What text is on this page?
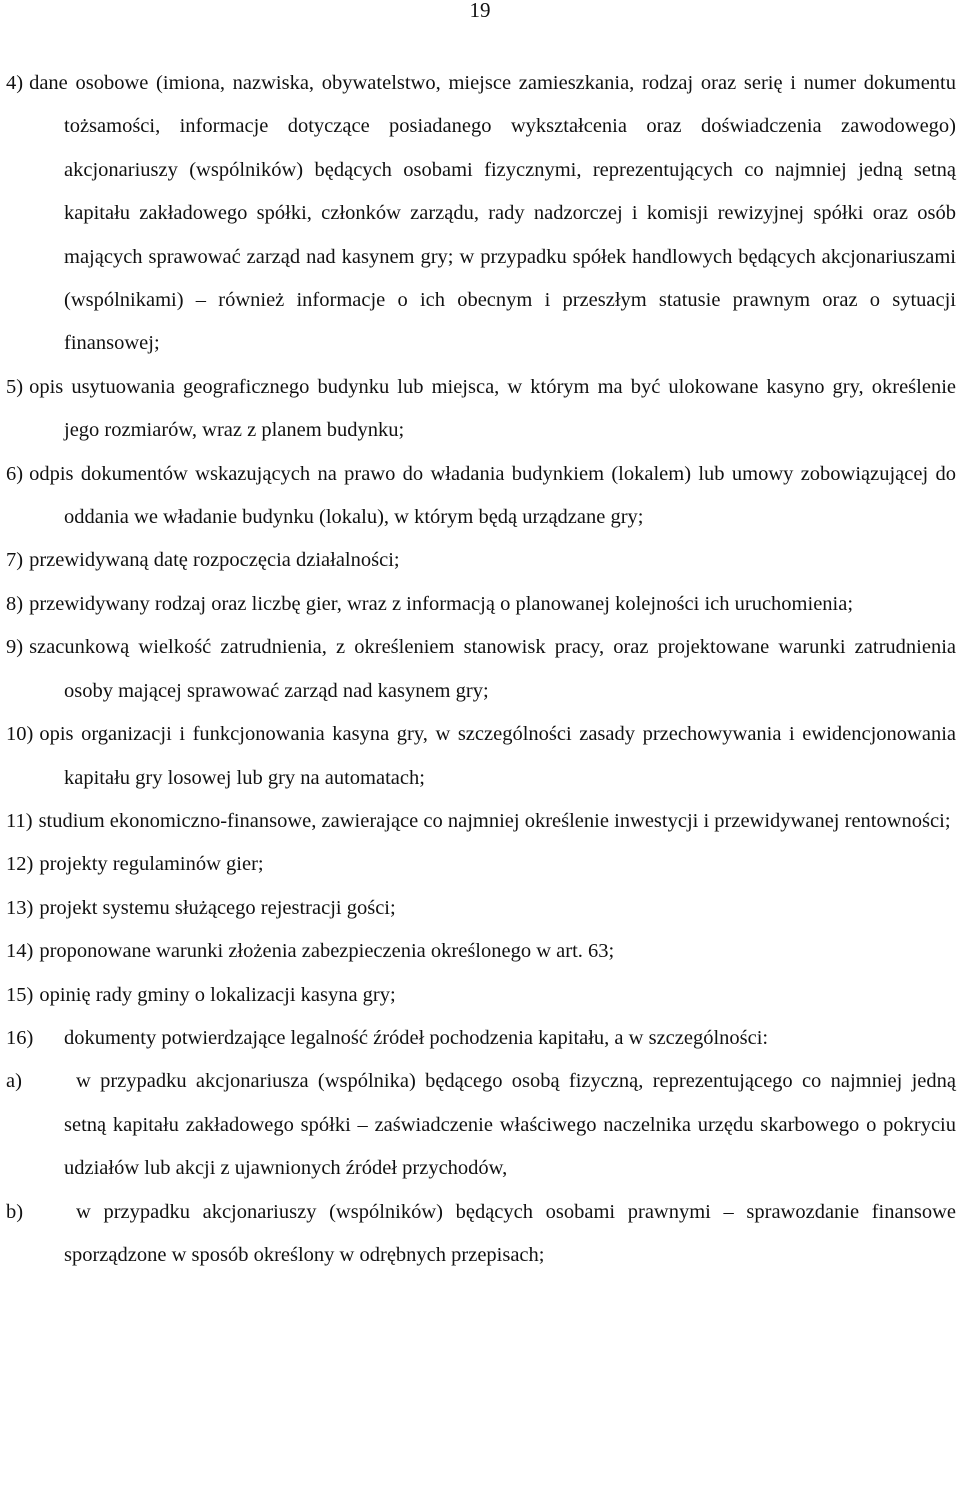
19

4) dane osobowe (imiona, nazwiska, obywatelstwo, miejsce zamieszkania, rodzaj oraz serię i numer dokumentu tożsamości, informacje dotyczące posiadanego wykształcenia oraz doświadczenia zawodowego) akcjonariuszy (wspólników) będących osobami fizycznymi, reprezentujących co najmniej jedną setną kapitału zakładowego spółki, członków zarządu, rady nadzorczej i komisji rewizyjnej spółki oraz osób mających sprawować zarząd nad kasynem gry; w przypadku spółek handlowych będących akcjonariuszami (wspólnikami) – również informacje o ich obecnym i przeszłym statusie prawnym oraz o sytuacji finansowej;

5) opis usytuowania geograficznego budynku lub miejsca, w którym ma być ulokowane kasyno gry, określenie jego rozmiarów, wraz z planem budynku;

6) odpis dokumentów wskazujących na prawo do władania budynkiem (lokalem) lub umowy zobowiązującej do oddania we władanie budynku (lokalu), w którym będą urządzane gry;

7) przewidywaną datę rozpoczęcia działalności;

8) przewidywany rodzaj oraz liczbę gier, wraz z informacją o planowanej kolejności ich uruchomienia;

9) szacunkową wielkość zatrudnienia, z określeniem stanowisk pracy, oraz projektowane warunki zatrudnienia osoby mającej sprawować zarząd nad kasynem gry;

10) opis organizacji i funkcjonowania kasyna gry, w szczególności zasady przechowywania i ewidencjonowania kapitału gry losowej lub gry na automatach;

11) studium ekonomiczno-finansowe, zawierające co najmniej określenie inwestycji i przewidywanej rentowności;

12) projekty regulaminów gier;

13) projekt systemu służącego rejestracji gości;

14) proponowane warunki złożenia zabezpieczenia określonego w art. 63;

15) opinię rady gminy o lokalizacji kasyna gry;

16) dokumenty potwierdzające legalność źródeł pochodzenia kapitału, a w szczególności:

a)	w przypadku akcjonariusza (wspólnika) będącego osobą fizyczną, reprezentującego co najmniej jedną setną kapitału zakładowego spółki – zaświadczenie właściwego naczelnika urzędu skarbowego o pokryciu udziałów lub akcji z ujawnionych źródeł przychodów,

b)	w przypadku akcjonariuszy (wspólników) będących osobami prawnymi – sprawozdanie finansowe sporządzone w sposób określony w odrębnych przepisach;
